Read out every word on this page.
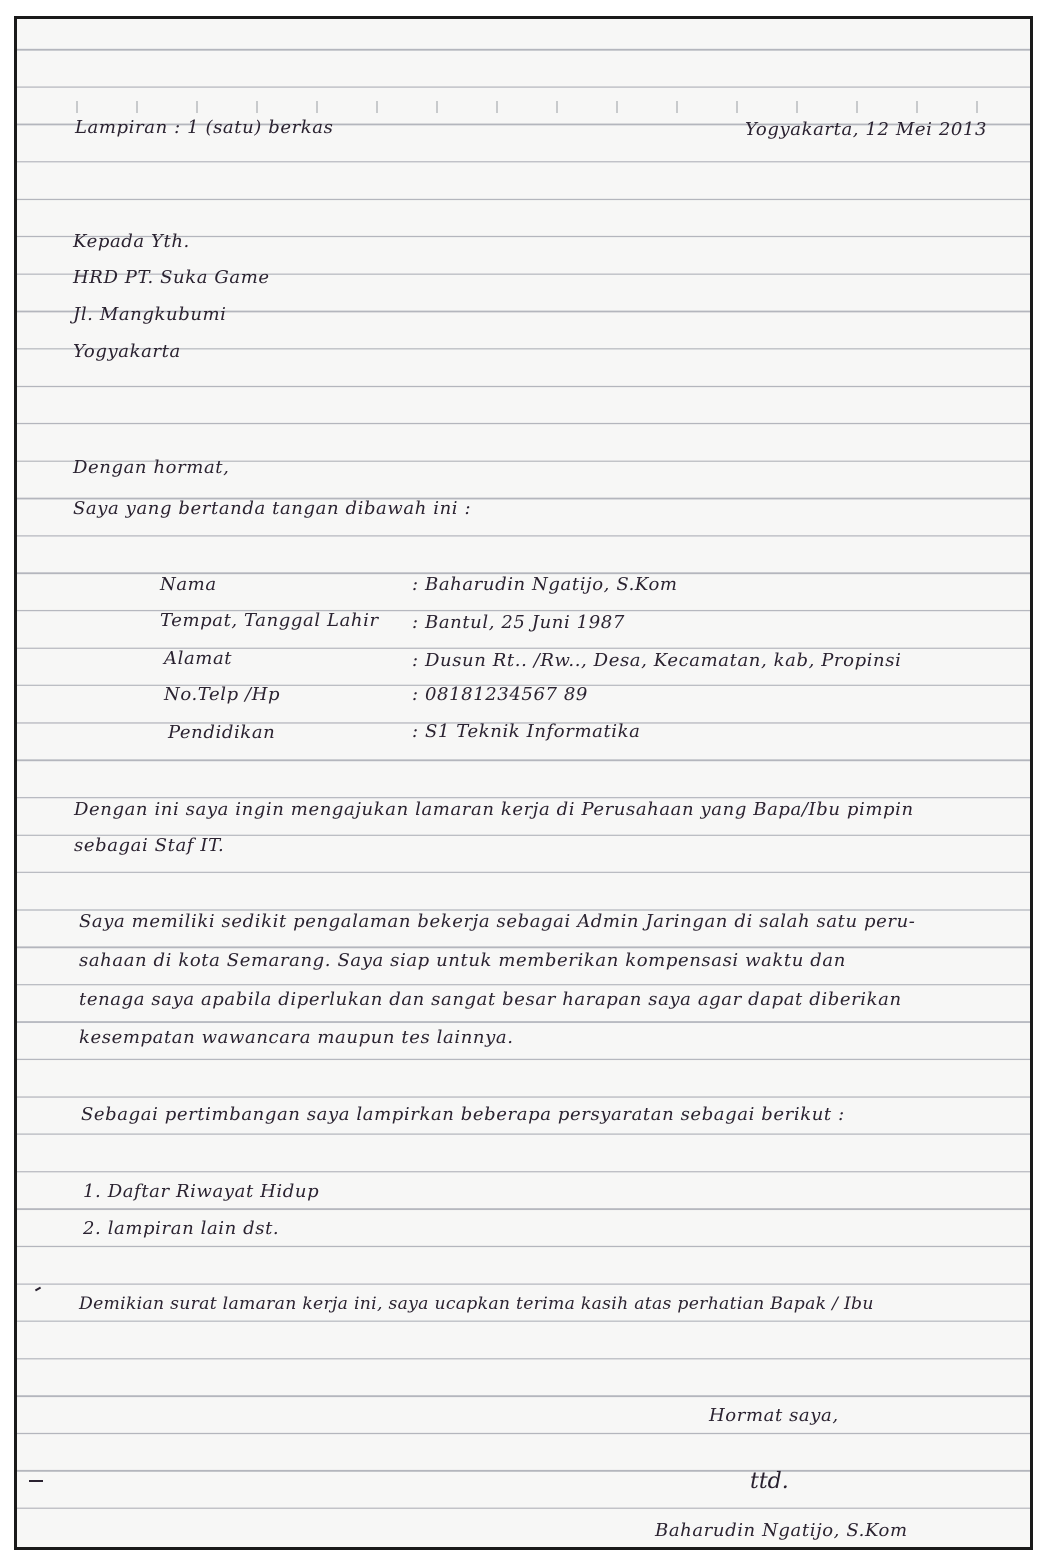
Lampiran : 1 (satu) berkas	Yogyakarta, 12 Mei 2013
Kepada Yth.
HRD PT. Suka Game
Jl. Mangkubumi
Yogyakarta
Dengan hormat,
Saya yang bertanda tangan dibawah ini :
Nama	: Baharudin Ngatijo, S.Kom
Tempat, Tanggal Lahir : Bantul, 25 Juni 1987
Alamat	: Dusun Rt.. /Rw.., Desa, Kecamatan, kab, Propinsi
No.Telp /Hp	: 08181234567 89
Pendidikan	: S1 Teknik Informatika
Dengan ini saya ingin mengajukan lamaran kerja di Perusahaan yang Bapa/Ibu pimpin
sebagai Staf IT.
Saya memiliki sedikit pengalaman bekerja sebagai Admin Jaringan di salah satu peru-
sahaan di kota Semarang. Saya siap untuk memberikan kompensasi waktu dan
tenaga saya apabila diperlukan dan sangat besar harapan saya agar dapat diberikan
kesempatan wawancara maupun tes lainnya.
Sebagai pertimbangan saya lampirkan beberapa persyaratan sebagai berikut :
1. Daftar Riwayat Hidup
2. lampiran lain dst.
Demikian surat lamaran kerja ini, saya ucapkan terima kasih atas perhatian Bapak / Ibu
Hormat saya,
ttd.
Baharudin Ngatijo, S.Kom
